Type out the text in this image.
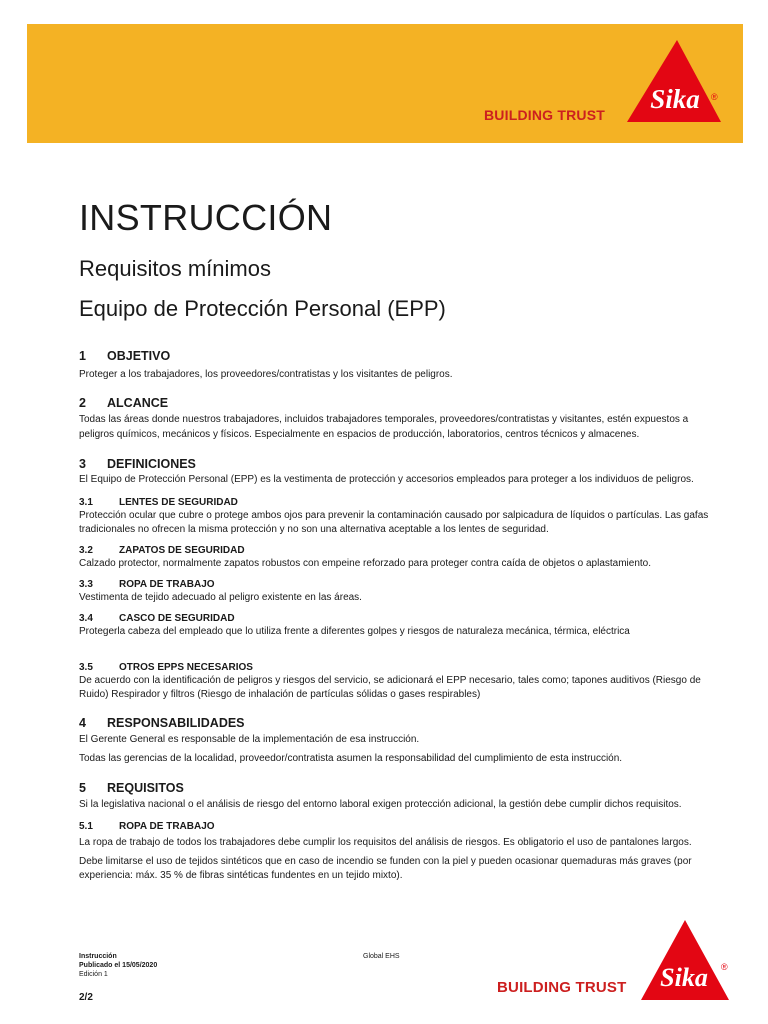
BUILDING TRUST
Sika ®
INSTRUCCIÓN
Requisitos mínimos
Equipo de Protección Personal (EPP)
1	OBJETIVO

Proteger a los trabajadores, los proveedores/contratistas y los visitantes de peligros.

2	ALCANCE

Todas las áreas donde nuestros trabajadores, incluidos trabajadores temporales, proveedores/contratistas y visitantes, estén expuestos a peligros químicos, mecánicos y físicos. Especialmente en espacios de producción, laboratorios, centros técnicos y almacenes.

3	DEFINICIONES

El Equipo de Protección Personal (EPP) es la vestimenta de protección y accesorios empleados para proteger a los individuos de peligros.

3.1	LENTES DE SEGURIDAD

Protección ocular que cubre o protege ambos ojos para prevenir la contaminación causado por salpicadura de líquidos o partículas. Las gafas tradicionales no ofrecen la misma protección y no son una alternativa aceptable a los lentes de seguridad.

3.2	ZAPATOS DE SEGURIDAD

Calzado protector, normalmente zapatos robustos con empeine reforzado para proteger contra caída de objetos o aplastamiento.

3.3	ROPA DE TRABAJO

Vestimenta de tejido adecuado al peligro existente en las áreas.

3.4	CASCO DE SEGURIDAD

Protegerla cabeza del empleado que lo utiliza frente a diferentes golpes y riesgos de naturaleza mecánica, térmica, eléctrica

3.5	OTROS EPPS NECESARIOS

De acuerdo con la identificación de peligros y riesgos del servicio, se adicionará el EPP necesario, tales como; tapones auditivos (Riesgo de Ruido) Respirador y filtros (Riesgo de inhalación de partículas sólidas o gases respirables)

4	RESPONSABILIDADES

El Gerente General es responsable de la implementación de esa instrucción.

Todas las gerencias de la localidad, proveedor/contratista asumen la responsabilidad del cumplimiento de esta instrucción.

5	REQUISITOS

Si la legislativa nacional o el análisis de riesgo del entorno laboral exigen protección adicional, la gestión debe cumplir dichos requisitos.

5.1	ROPA DE TRABAJO

La ropa de trabajo de todos los trabajadores debe cumplir los requisitos del análisis de riesgos. Es obligatorio el uso de pantalones largos.

Debe limitarse el uso de tejidos sintéticos que en caso de incendio se funden con la piel y pueden ocasionar quemaduras más graves (por experiencia: máx. 35 % de fibras sintéticas fundentes en un tejido mixto).

Instrucción
Publicado el 15/05/2020
Edición 1
Global EHS
2/2
BUILDING TRUST Sika ®
